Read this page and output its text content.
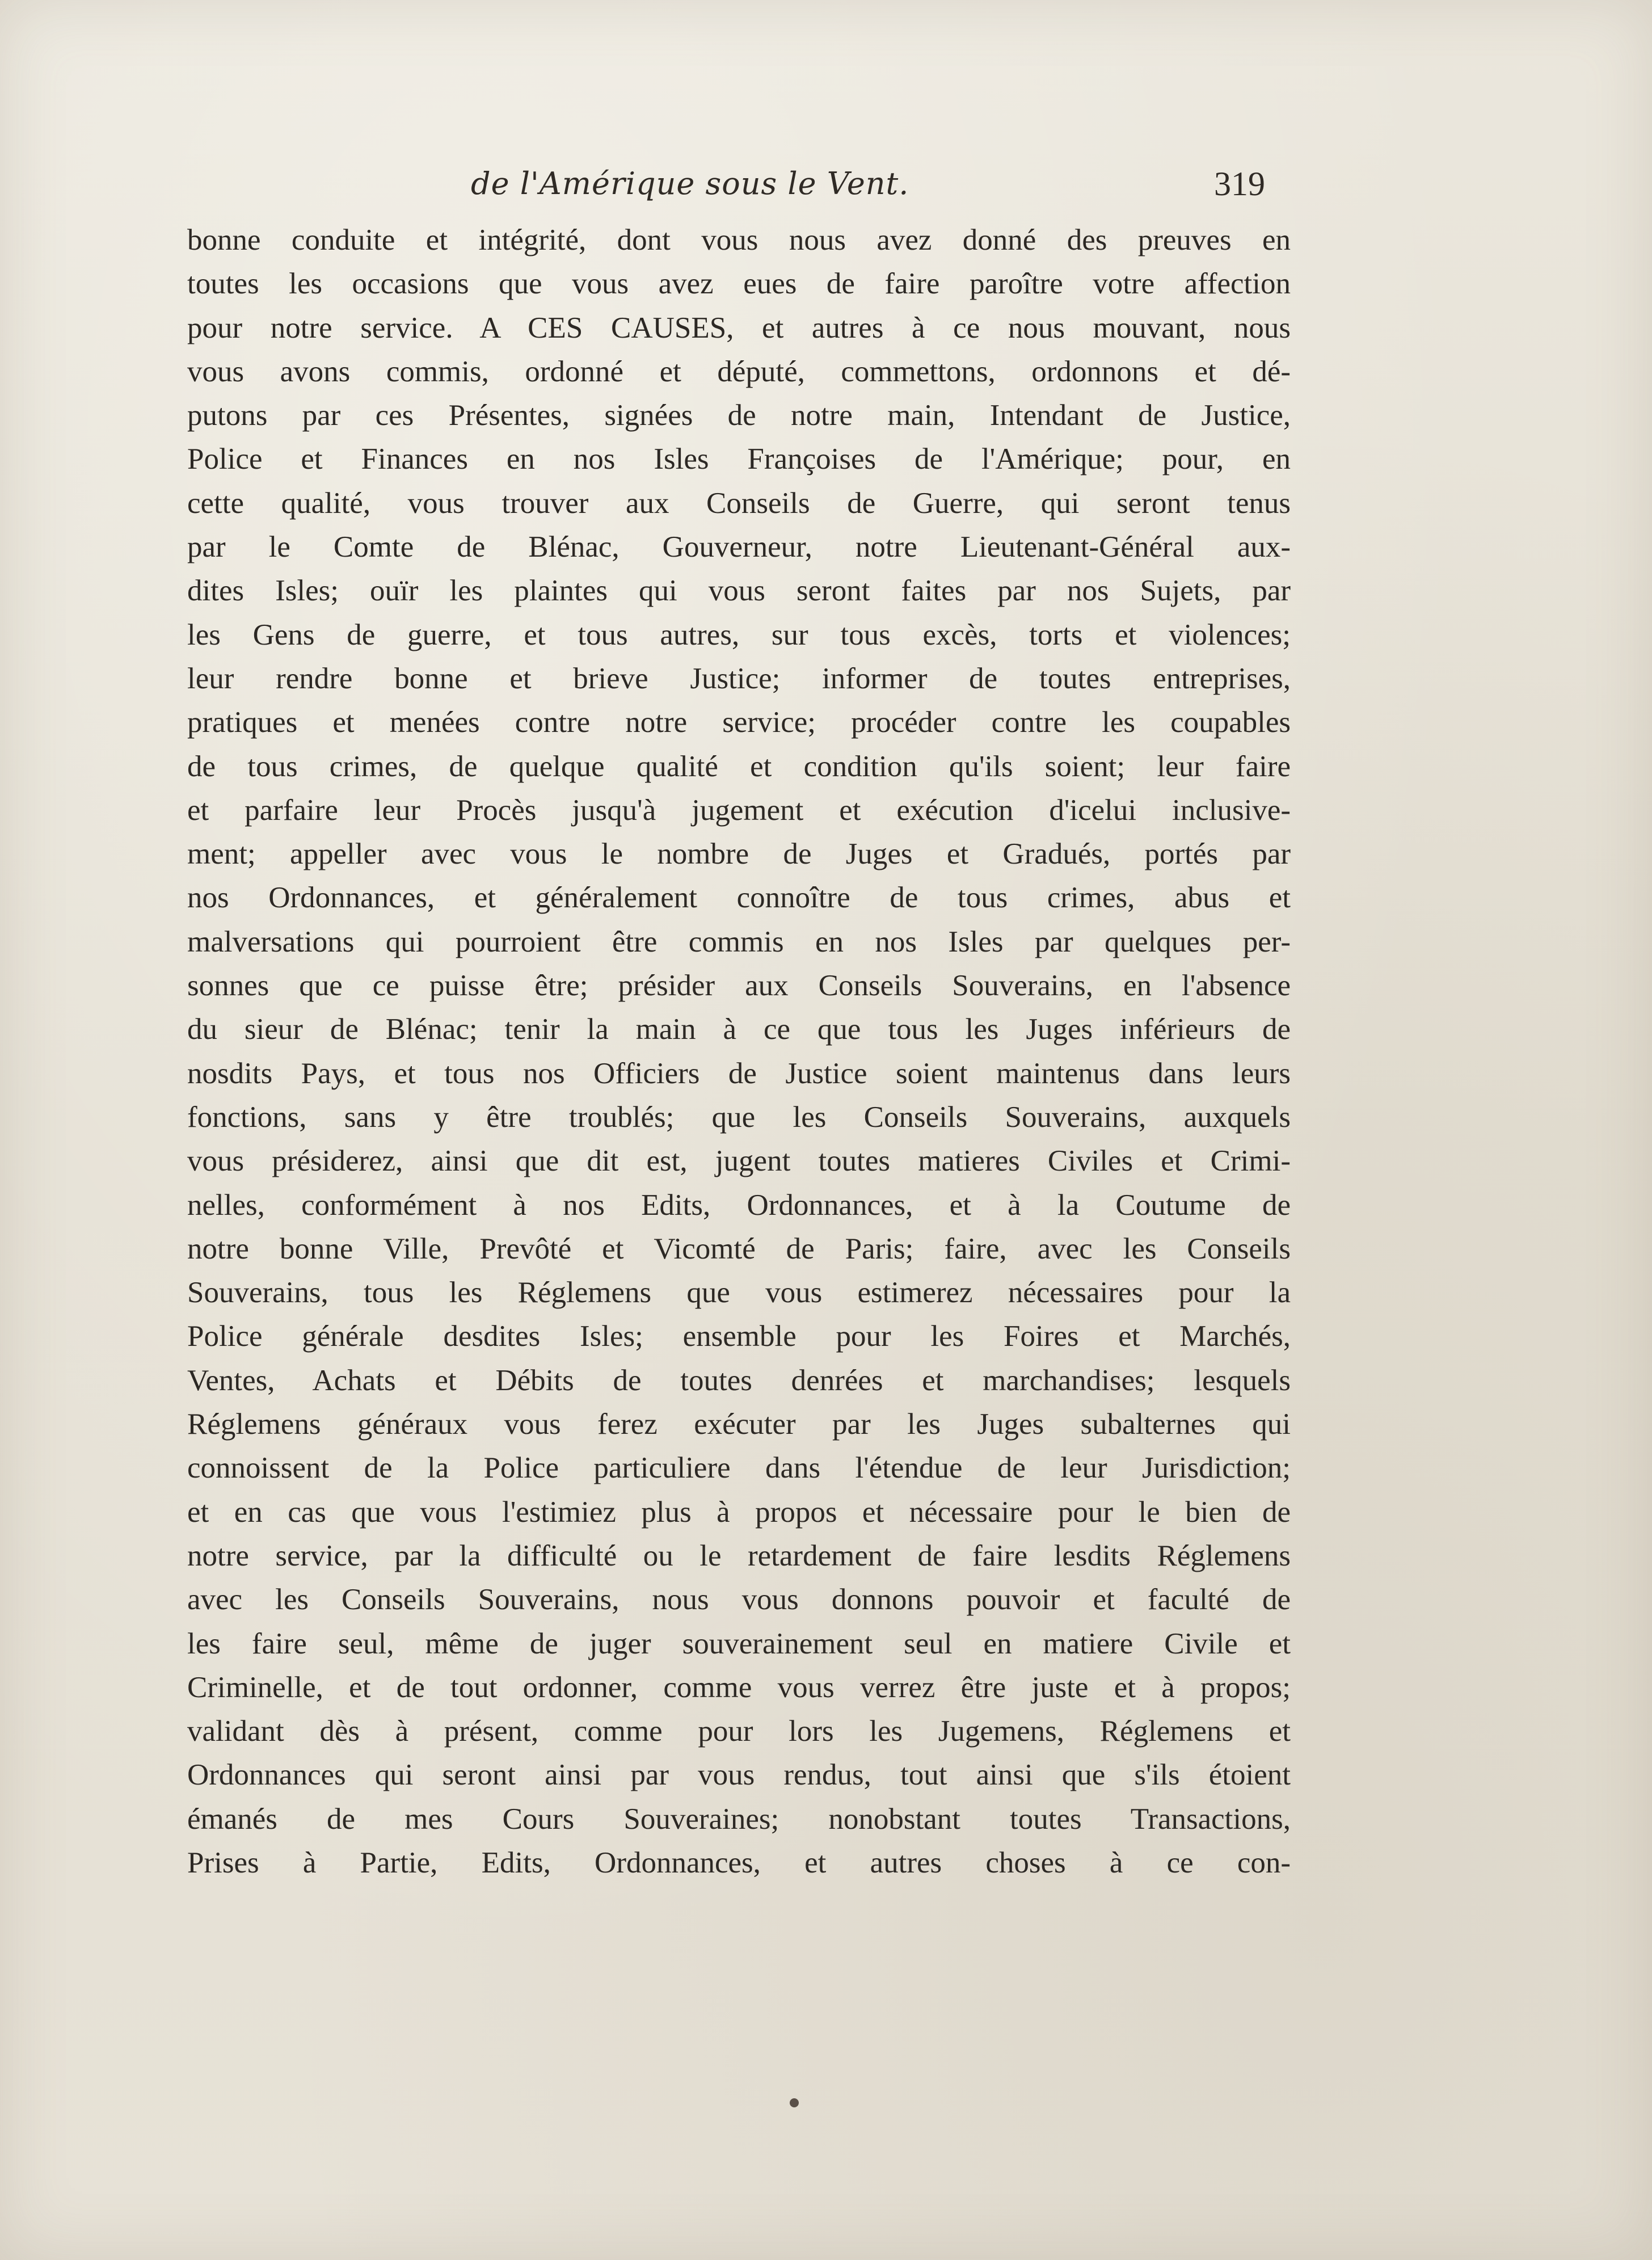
de l'Amérique sous le Vent.	319
bonne conduite et intégrité, dont vous nous avez donné des preuves en
toutes les occasions que vous avez eues de faire paroître votre affection
pour notre service. A CES CAUSES, et autres à ce nous mouvant, nous
vous avons commis, ordonné et député, commettons, ordonnons et dé-
putons par ces Présentes, signées de notre main, Intendant de Justice,
Police et Finances en nos Isles Françoises de l'Amérique; pour, en
cette qualité, vous trouver aux Conseils de Guerre, qui seront tenus
par le Comte de Blénac, Gouverneur, notre Lieutenant-Général aux-
dites Isles; ouïr les plaintes qui vous seront faites par nos Sujets, par
les Gens de guerre, et tous autres, sur tous excès, torts et violences;
leur rendre bonne et brieve Justice; informer de toutes entreprises,
pratiques et menées contre notre service; procéder contre les coupables
de tous crimes, de quelque qualité et condition qu'ils soient; leur faire
et parfaire leur Procès jusqu'à jugement et exécution d'icelui inclusive-
ment; appeller avec vous le nombre de Juges et Gradués, portés par
nos Ordonnances, et généralement connoître de tous crimes, abus et
malversations qui pourroient être commis en nos Isles par quelques per-
sonnes que ce puisse être; présider aux Conseils Souverains, en l'absence
du sieur de Blénac; tenir la main à ce que tous les Juges inférieurs de
nosdits Pays, et tous nos Officiers de Justice soient maintenus dans leurs
fonctions, sans y être troublés; que les Conseils Souverains, auxquels
vous présiderez, ainsi que dit est, jugent toutes matieres Civiles et Crimi-
nelles, conformément à nos Edits, Ordonnances, et à la Coutume de
notre bonne Ville, Prevôté et Vicomté de Paris; faire, avec les Conseils
Souverains, tous les Réglemens que vous estimerez nécessaires pour la
Police générale desdites Isles; ensemble pour les Foires et Marchés,
Ventes, Achats et Débits de toutes denrées et marchandises; lesquels
Réglemens généraux vous ferez exécuter par les Juges subalternes qui
connoissent de la Police particuliere dans l'étendue de leur Jurisdiction;
et en cas que vous l'estimiez plus à propos et nécessaire pour le bien de
notre service, par la difficulté ou le retardement de faire lesdits Réglemens
avec les Conseils Souverains, nous vous donnons pouvoir et faculté de
les faire seul, même de juger souverainement seul en matiere Civile et
Criminelle, et de tout ordonner, comme vous verrez être juste et à propos;
validant dès à présent, comme pour lors les Jugemens, Réglemens et
Ordonnances qui seront ainsi par vous rendus, tout ainsi que s'ils étoient
émanés de mes Cours Souveraines; nonobstant toutes Transactions,
Prises à Partie, Edits, Ordonnances, et autres choses à ce con-
